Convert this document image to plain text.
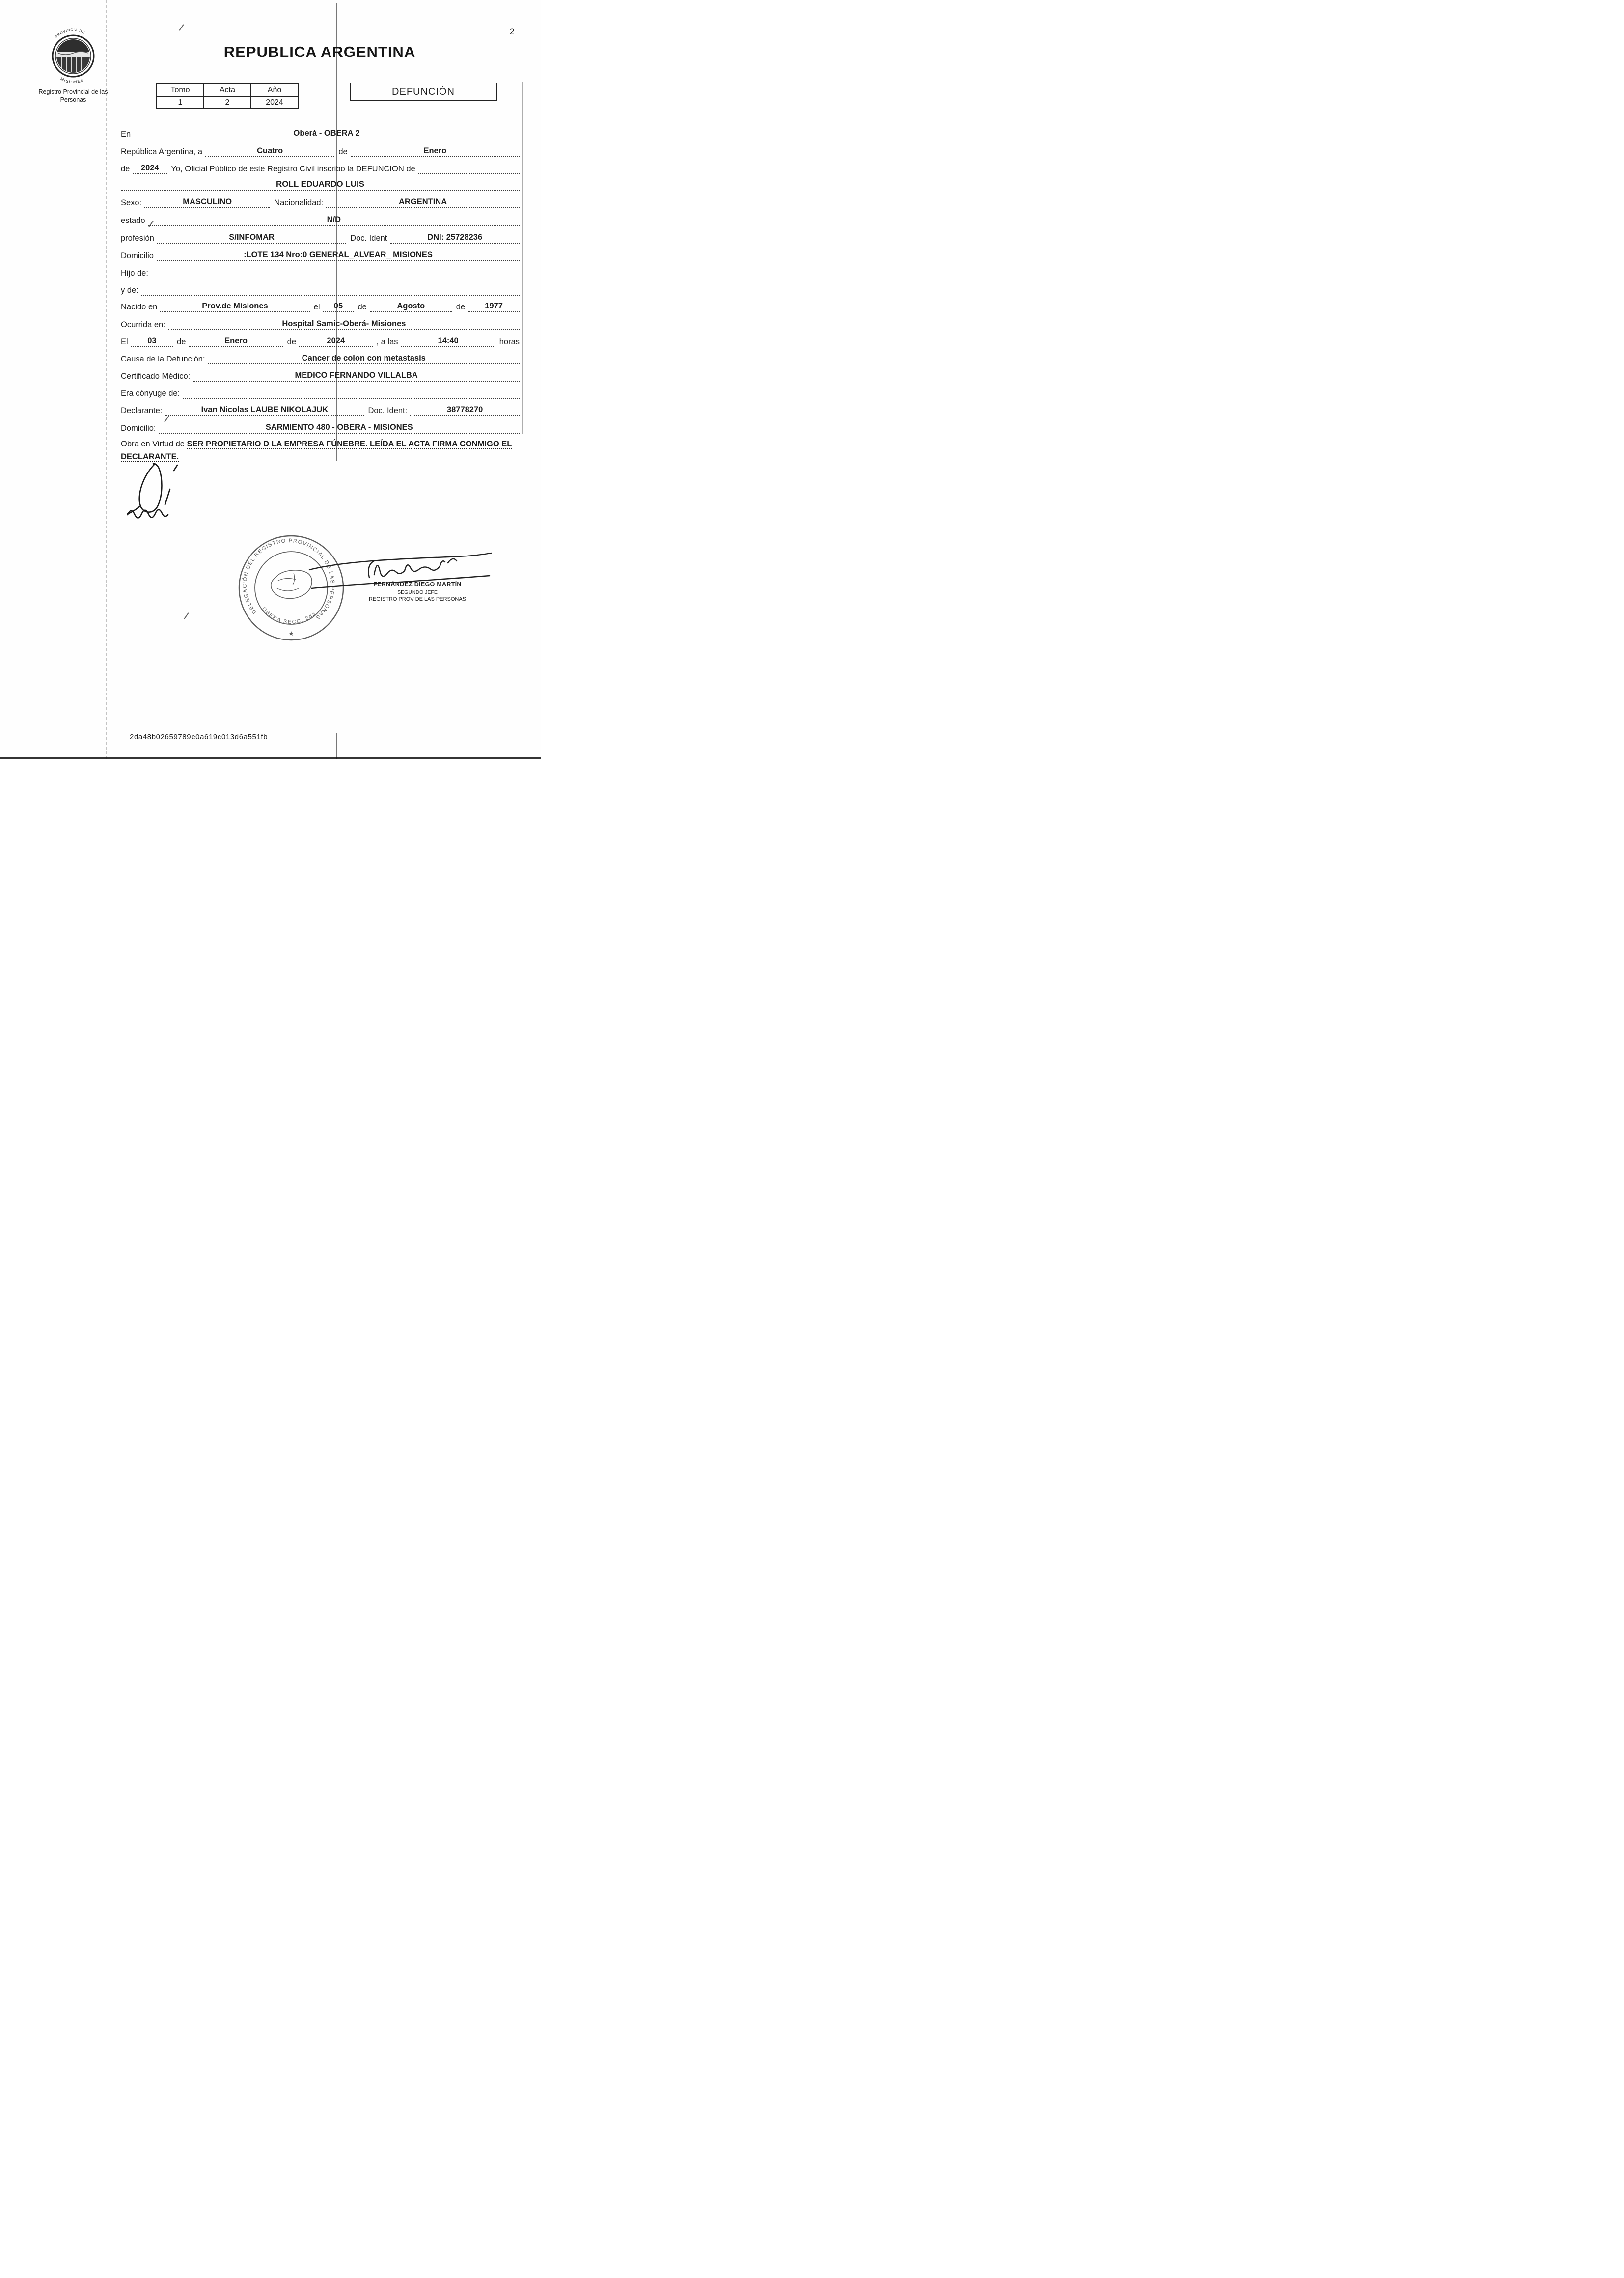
2
PROVINCIA DE
MISIONES
Registro Provincial de las Personas
REPUBLICA ARGENTINA
Tomo	Acta	Año
1	2	2024
DEFUNCIÓN
En	Oberá - OBERA 2
República Argentina, a	Cuatro	de	Enero
de	2024	Yo, Oficial Público de este Registro Civil inscribo la DEFUNCION de
ROLL EDUARDO LUIS
Sexo:	MASCULINO	Nacionalidad:	ARGENTINA
estado	N/D
profesión	S/INFOMAR	Doc. Ident	DNI: 25728236
Domicilio	:LOTE 134 Nro:0 GENERAL_ALVEAR_ MISIONES
Hijo de:
y de:
Nacido en	Prov.de Misiones	el	05	de	Agosto	de	1977
Ocurrida en:	Hospital Samic-Oberá- Misiones
El	03	de	Enero	de	2024	, a las	14:40	horas
Causa de la Defunción:	Cancer de colon con metastasis
Certificado Médico:	MEDICO FERNANDO VILLALBA
Era cónyuge de:
Declarante:	Ivan Nicolas LAUBE NIKOLAJUK	Doc. Ident:	38778270
Domicilio:	SARMIENTO 480 - OBERA - MISIONES
Obra en Virtud de SER PROPIETARIO D LA EMPRESA FÚNEBRE. LEÍDA EL ACTA FIRMA CONMIGO EL DECLARANTE.
DELEGACIÓN DEL REGISTRO PROVINCIAL DE LAS PERSONAS
OBERA SECC. 2da
★
FERNÁNDEZ DIEGO MARTÍN
SEGUNDO JEFE
REGISTRO PROV DE LAS PERSONAS
2da48b02659789e0a619c013d6a551fb
